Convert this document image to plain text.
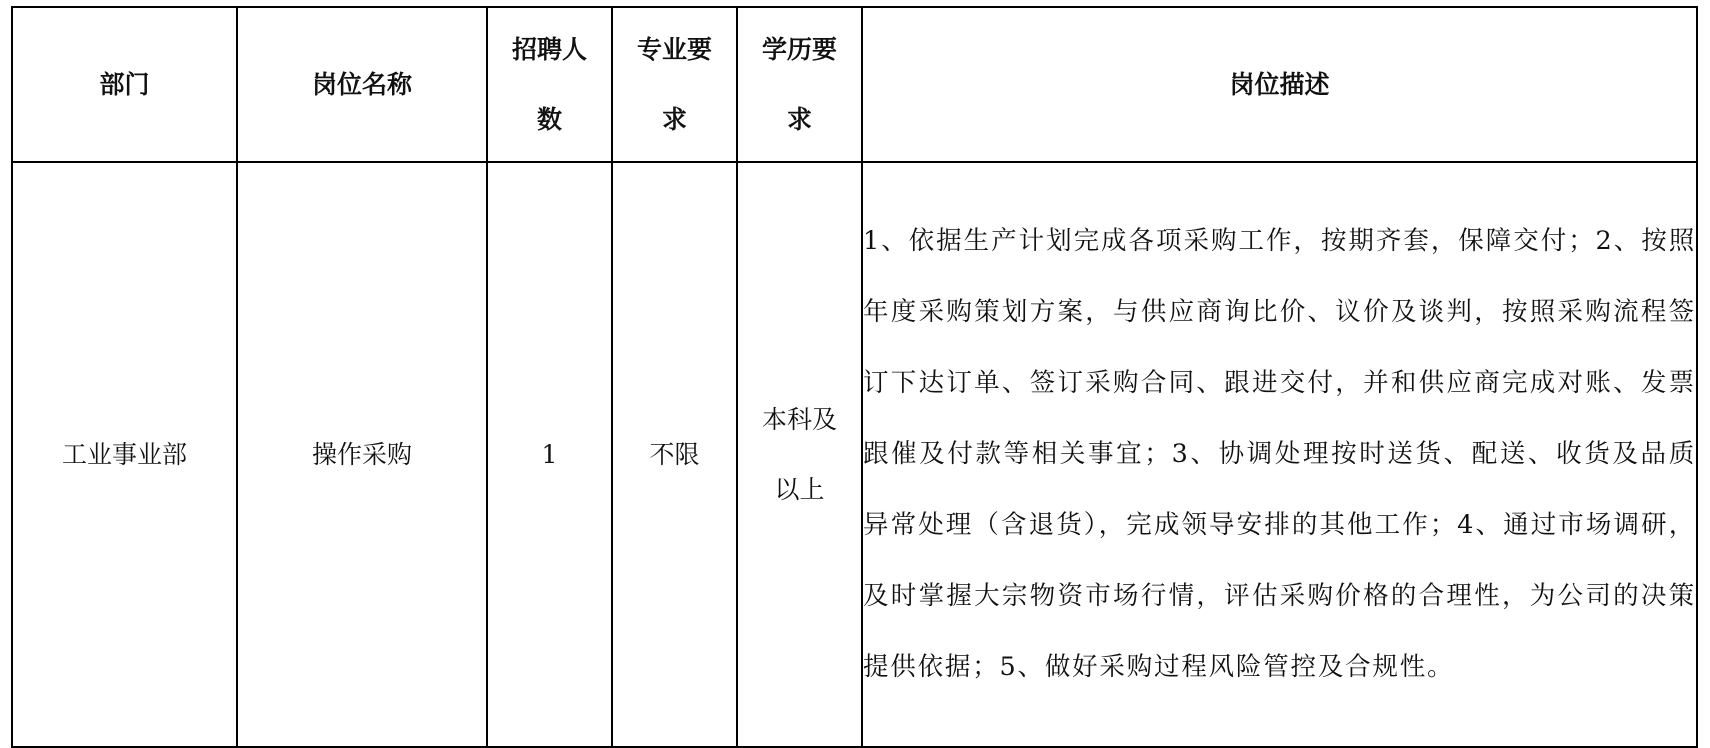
部门	岗位名称	招聘人数	专业要求	学历要求	岗位描述
工业事业部	操作采购	1	不限	本科及以上	1、依据生产计划完成各项采购工作，按期齐套，保障交付；2、按照年度采购策划方案，与供应商询比价、议价及谈判，按照采购流程签订下达订单、签订采购合同、跟进交付，并和供应商完成对账、发票跟催及付款等相关事宜；3、协调处理按时送货、配送、收货及品质异常处理（含退货），完成领导安排的其他工作；4、通过市场调研，及时掌握大宗物资市场行情，评估采购价格的合理性，为公司的决策提供依据；5、做好采购过程风险管控及合规性。
